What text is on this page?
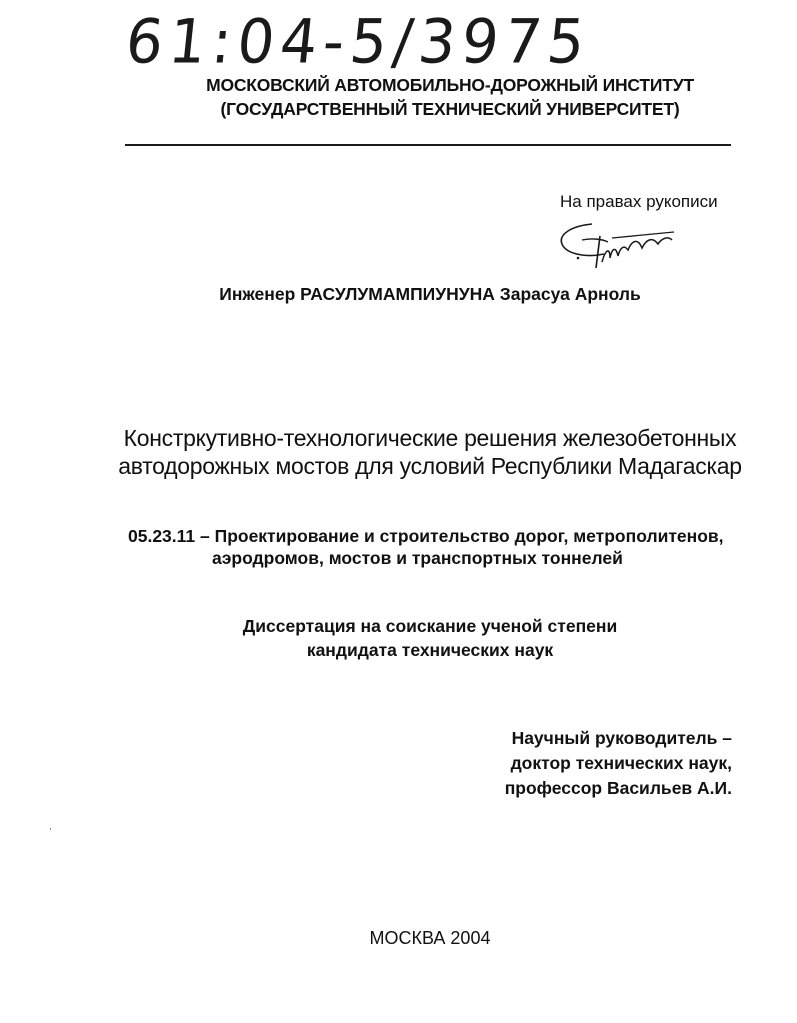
61:04-5/3975
МОСКОВСКИЙ АВТОМОБИЛЬНО-ДОРОЖНЫЙ ИНСТИТУТ
(ГОСУДАРСТВЕННЫЙ ТЕХНИЧЕСКИЙ УНИВЕРСИТЕТ)
На правах рукописи
Инженер РАСУЛУМАМПИУНУНА Зарасуа Арноль
Констркутивно-технологические решения железобетонных
автодорожных мостов для условий Республики Мадагаскар
05.23.11 – Проектирование и строительство дорог, метрополитенов,
аэродромов, мостов и транспортных тоннелей
Диссертация на соискание ученой степени
кандидата технических наук
Научный руководитель –
доктор технических наук,
профессор Васильев А.И.
МОСКВА 2004
